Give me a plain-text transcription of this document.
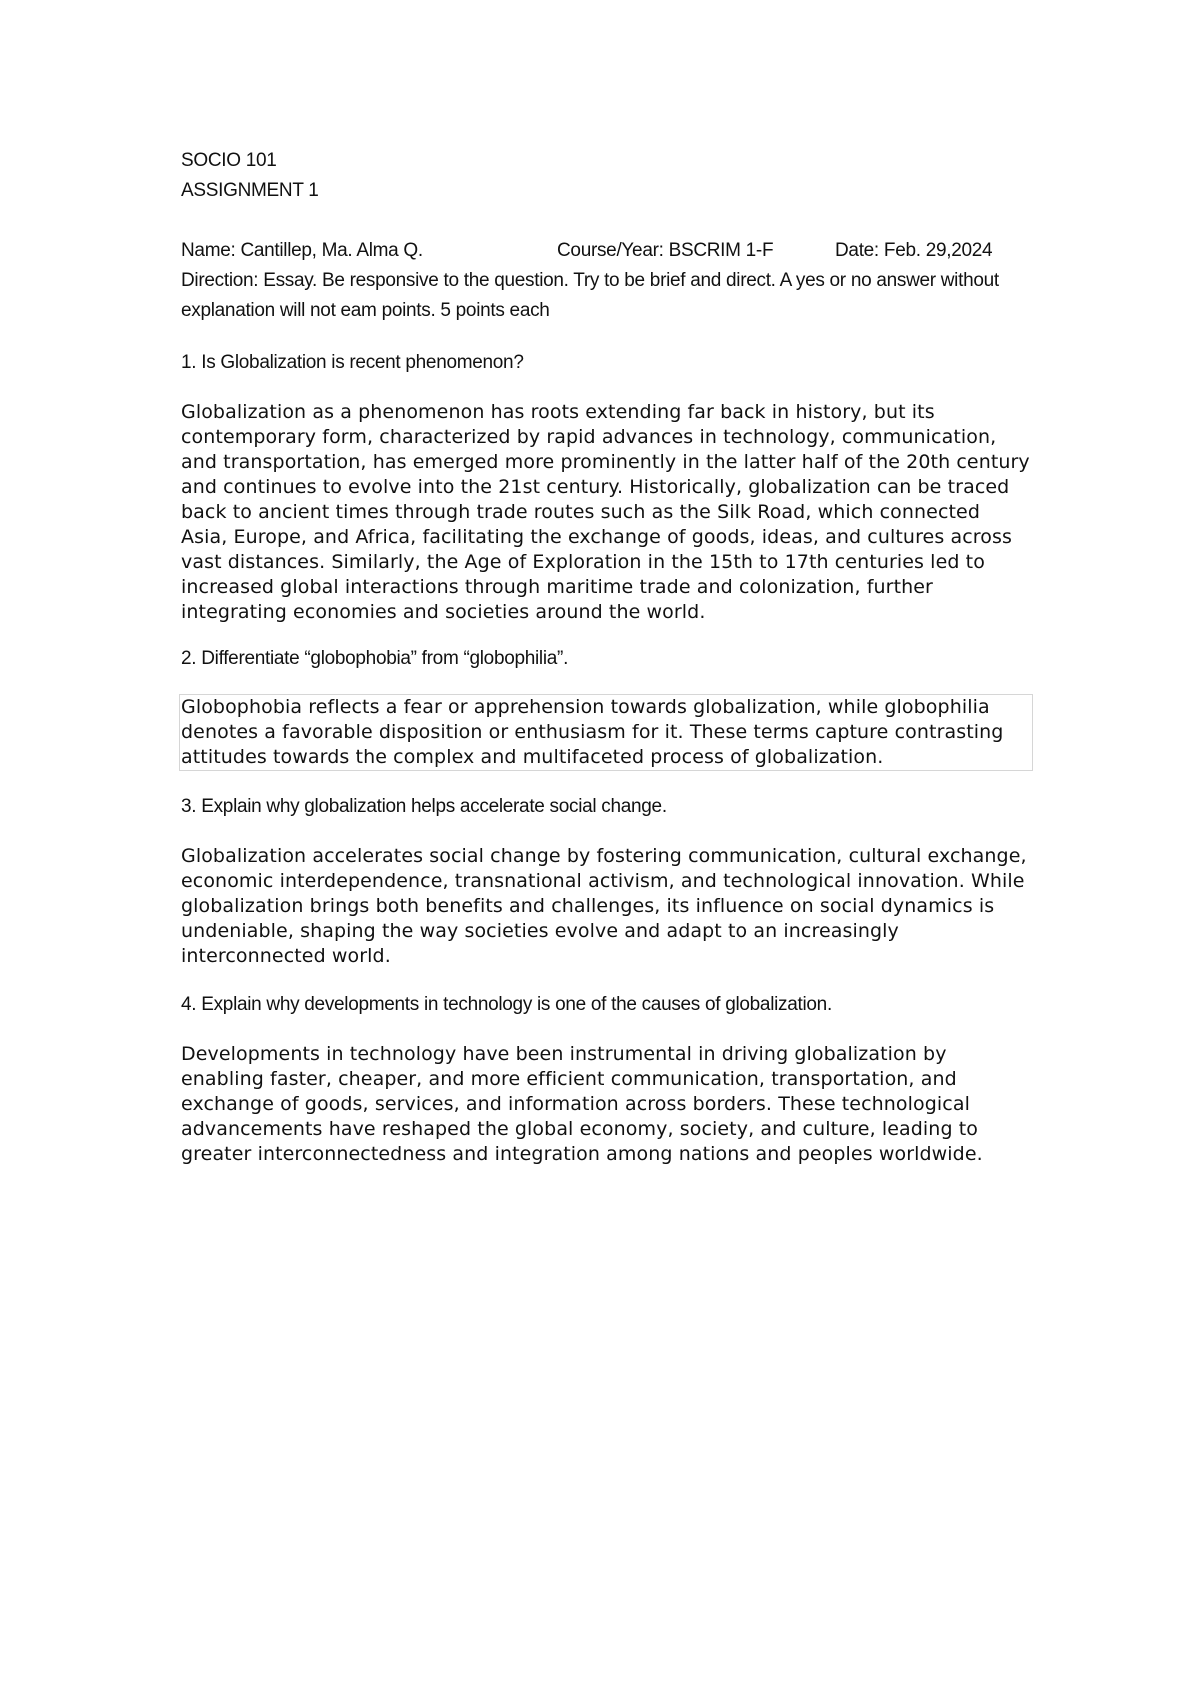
SOCIO 101

ASSIGNMENT 1

Name: Cantillep, Ma. Alma Q.	Course/Year: BSCRIM 1-F	Date: Feb. 29,2024

Direction: Essay. Be responsive to the question. Try to be brief and direct. A yes or no answer without explanation will not eam points. 5 points each

1. Is Globalization is recent phenomenon?

Globalization as a phenomenon has roots extending far back in history, but its contemporary form, characterized by rapid advances in technology, communication, and transportation, has emerged more prominently in the latter half of the 20th century and continues to evolve into the 21st century. Historically, globalization can be traced back to ancient times through trade routes such as the Silk Road, which connected Asia, Europe, and Africa, facilitating the exchange of goods, ideas, and cultures across vast distances. Similarly, the Age of Exploration in the 15th to 17th centuries led to increased global interactions through maritime trade and colonization, further integrating economies and societies around the world.

2. Differentiate “globophobia” from “globophilia”.

Globophobia reflects a fear or apprehension towards globalization, while globophilia denotes a favorable disposition or enthusiasm for it. These terms capture contrasting attitudes towards the complex and multifaceted process of globalization.

3. Explain why globalization helps accelerate social change.

Globalization accelerates social change by fostering communication, cultural exchange, economic interdependence, transnational activism, and technological innovation. While globalization brings both benefits and challenges, its influence on social dynamics is undeniable, shaping the way societies evolve and adapt to an increasingly interconnected world.

4. Explain why developments in technology is one of the causes of globalization.

Developments in technology have been instrumental in driving globalization by enabling faster, cheaper, and more efficient communication, transportation, and exchange of goods, services, and information across borders. These technological advancements have reshaped the global economy, society, and culture, leading to greater interconnectedness and integration among nations and peoples worldwide.
